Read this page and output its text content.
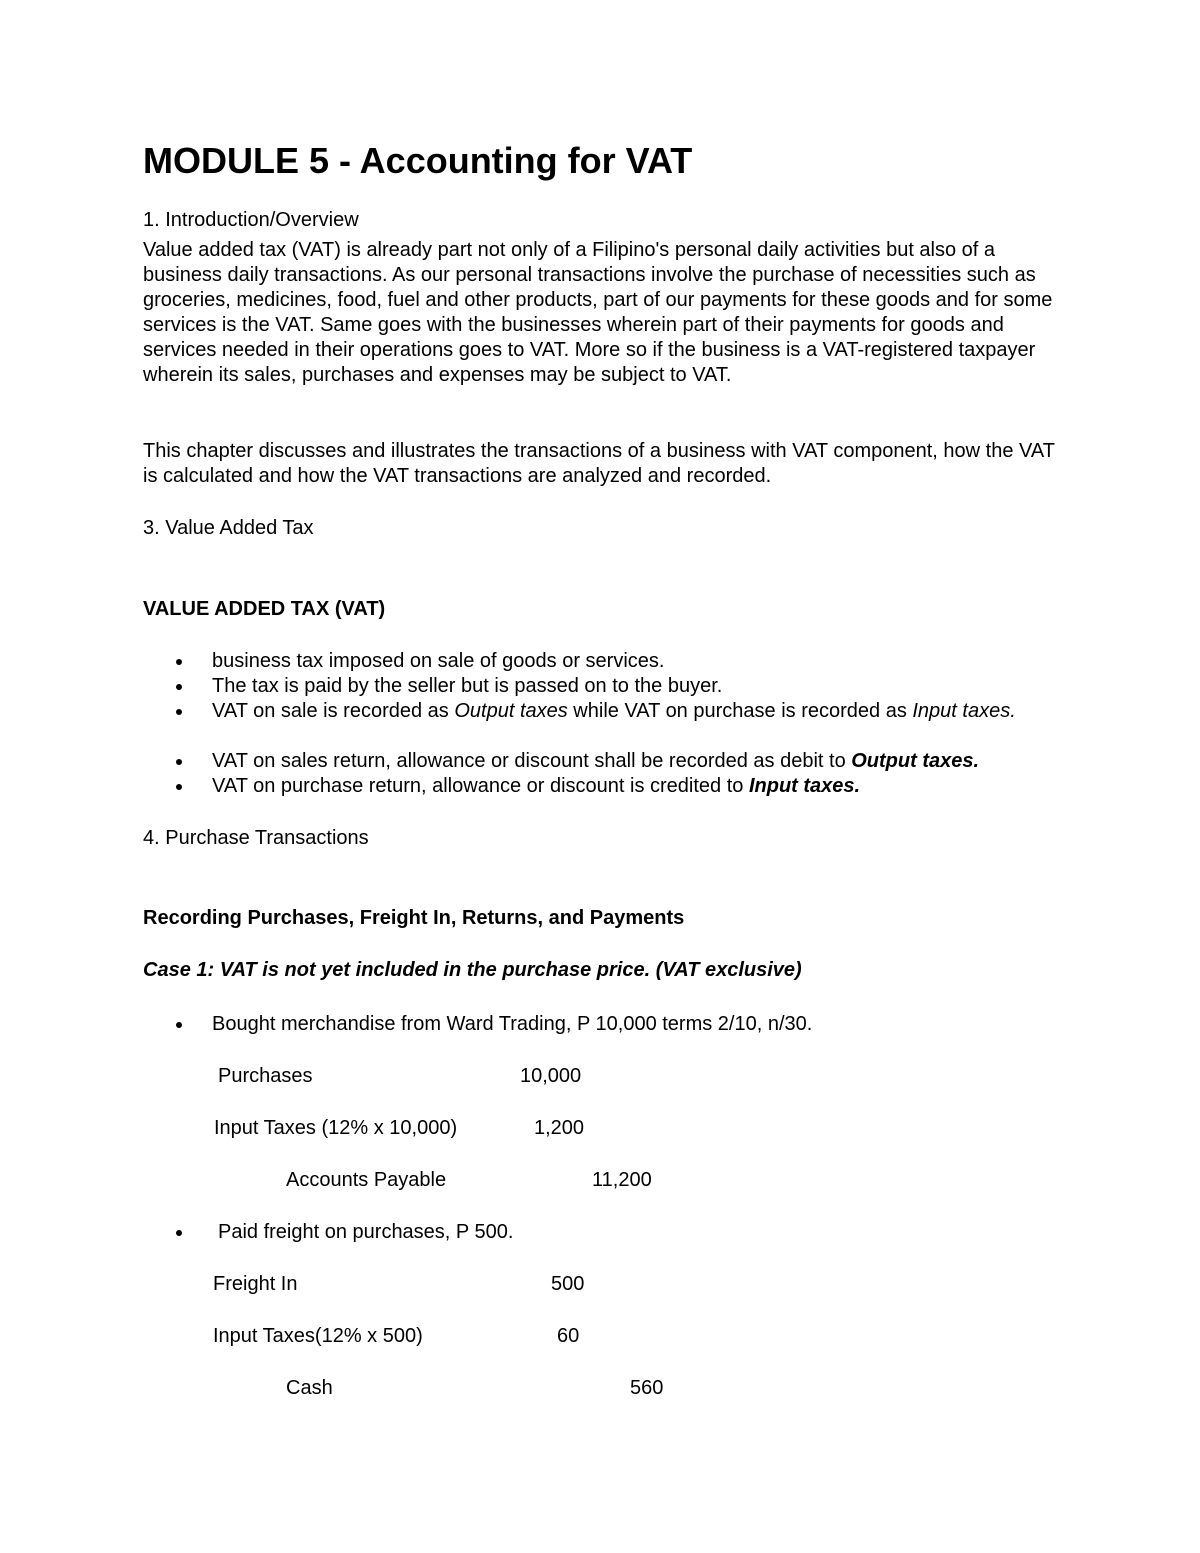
MODULE 5 - Accounting for VAT
1. Introduction/Overview
Value added tax (VAT) is already part not only of a Filipino's personal daily activities but also of a business daily transactions. As our personal transactions involve the purchase of necessities such as groceries, medicines, food, fuel and other products, part of our payments for these goods and for some services is the VAT. Same goes with the businesses wherein part of their payments for goods and services needed in their operations goes to VAT. More so if the business is a VAT-registered taxpayer wherein its sales, purchases and expenses may be subject to VAT.
This chapter discusses and illustrates the transactions of a business with VAT component, how the VAT is calculated and how the VAT transactions are analyzed and recorded.
3. Value Added Tax
VALUE ADDED TAX (VAT)
business tax imposed on sale of goods or services.
The tax is paid by the seller but is passed on to the buyer.
VAT on sale is recorded as Output taxes while VAT on purchase is recorded as Input taxes.
VAT on sales return, allowance or discount shall be recorded as debit to Output taxes.
VAT on purchase return, allowance or discount is credited to Input taxes.
4. Purchase Transactions
Recording Purchases, Freight In, Returns, and Payments
Case 1: VAT is not yet included in the purchase price. (VAT exclusive)
Bought merchandise from Ward Trading, P 10,000 terms 2/10, n/30.
Purchases	10,000
Input Taxes (12% x 10,000)	1,200
Accounts Payable	11,200
Paid freight on purchases, P 500.
Freight In	500
Input Taxes(12% x 500)	60
Cash	560
